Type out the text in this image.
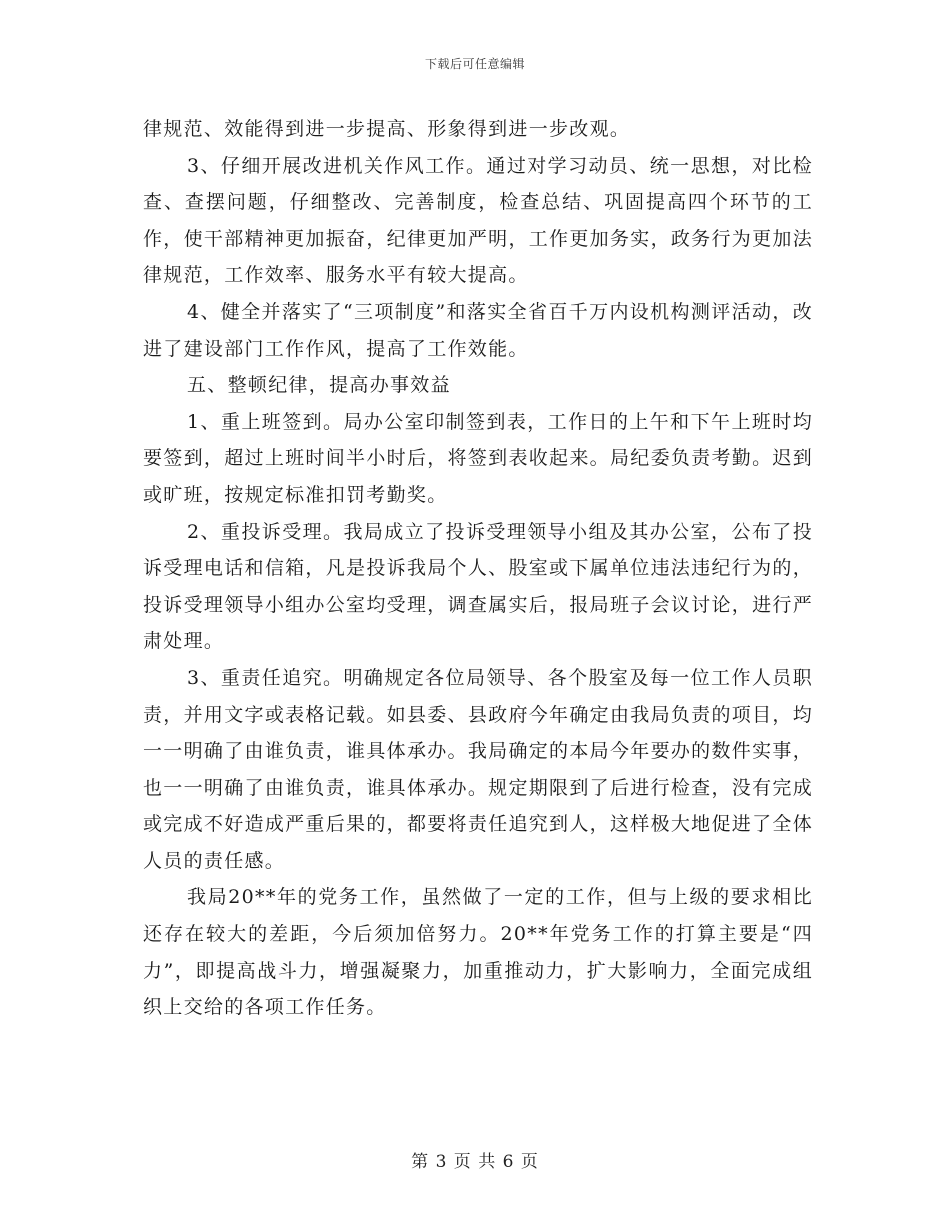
下载后可任意编辑

律规范、效能得到进一步提高、形象得到进一步改观。

3、仔细开展改进机关作风工作。通过对学习动员、统一思想，对比检查、查摆问题，仔细整改、完善制度，检查总结、巩固提高四个环节的工作，使干部精神更加振奋，纪律更加严明，工作更加务实，政务行为更加法律规范，工作效率、服务水平有较大提高。

4、健全并落实了“三项制度”和落实全省百千万内设机构测评活动，改进了建设部门工作作风，提高了工作效能。

五、整顿纪律，提高办事效益

1、重上班签到。局办公室印制签到表，工作日的上午和下午上班时均要签到，超过上班时间半小时后，将签到表收起来。局纪委负责考勤。迟到或旷班，按规定标准扣罚考勤奖。

2、重投诉受理。我局成立了投诉受理领导小组及其办公室，公布了投诉受理电话和信箱，凡是投诉我局个人、股室或下属单位违法违纪行为的，投诉受理领导小组办公室均受理，调查属实后，报局班子会议讨论，进行严肃处理。

3、重责任追究。明确规定各位局领导、各个股室及每一位工作人员职责，并用文字或表格记载。如县委、县政府今年确定由我局负责的项目，均一一明确了由谁负责，谁具体承办。我局确定的本局今年要办的数件实事，也一一明确了由谁负责，谁具体承办。规定期限到了后进行检查，没有完成或完成不好造成严重后果的，都要将责任追究到人，这样极大地促进了全体人员的责任感。

我局20**年的党务工作，虽然做了一定的工作，但与上级的要求相比还存在较大的差距，今后须加倍努力。20**年党务工作的打算主要是“四力”，即提高战斗力，增强凝聚力，加重推动力，扩大影响力，全面完成组织上交给的各项工作任务。

第 3 页 共 6 页
